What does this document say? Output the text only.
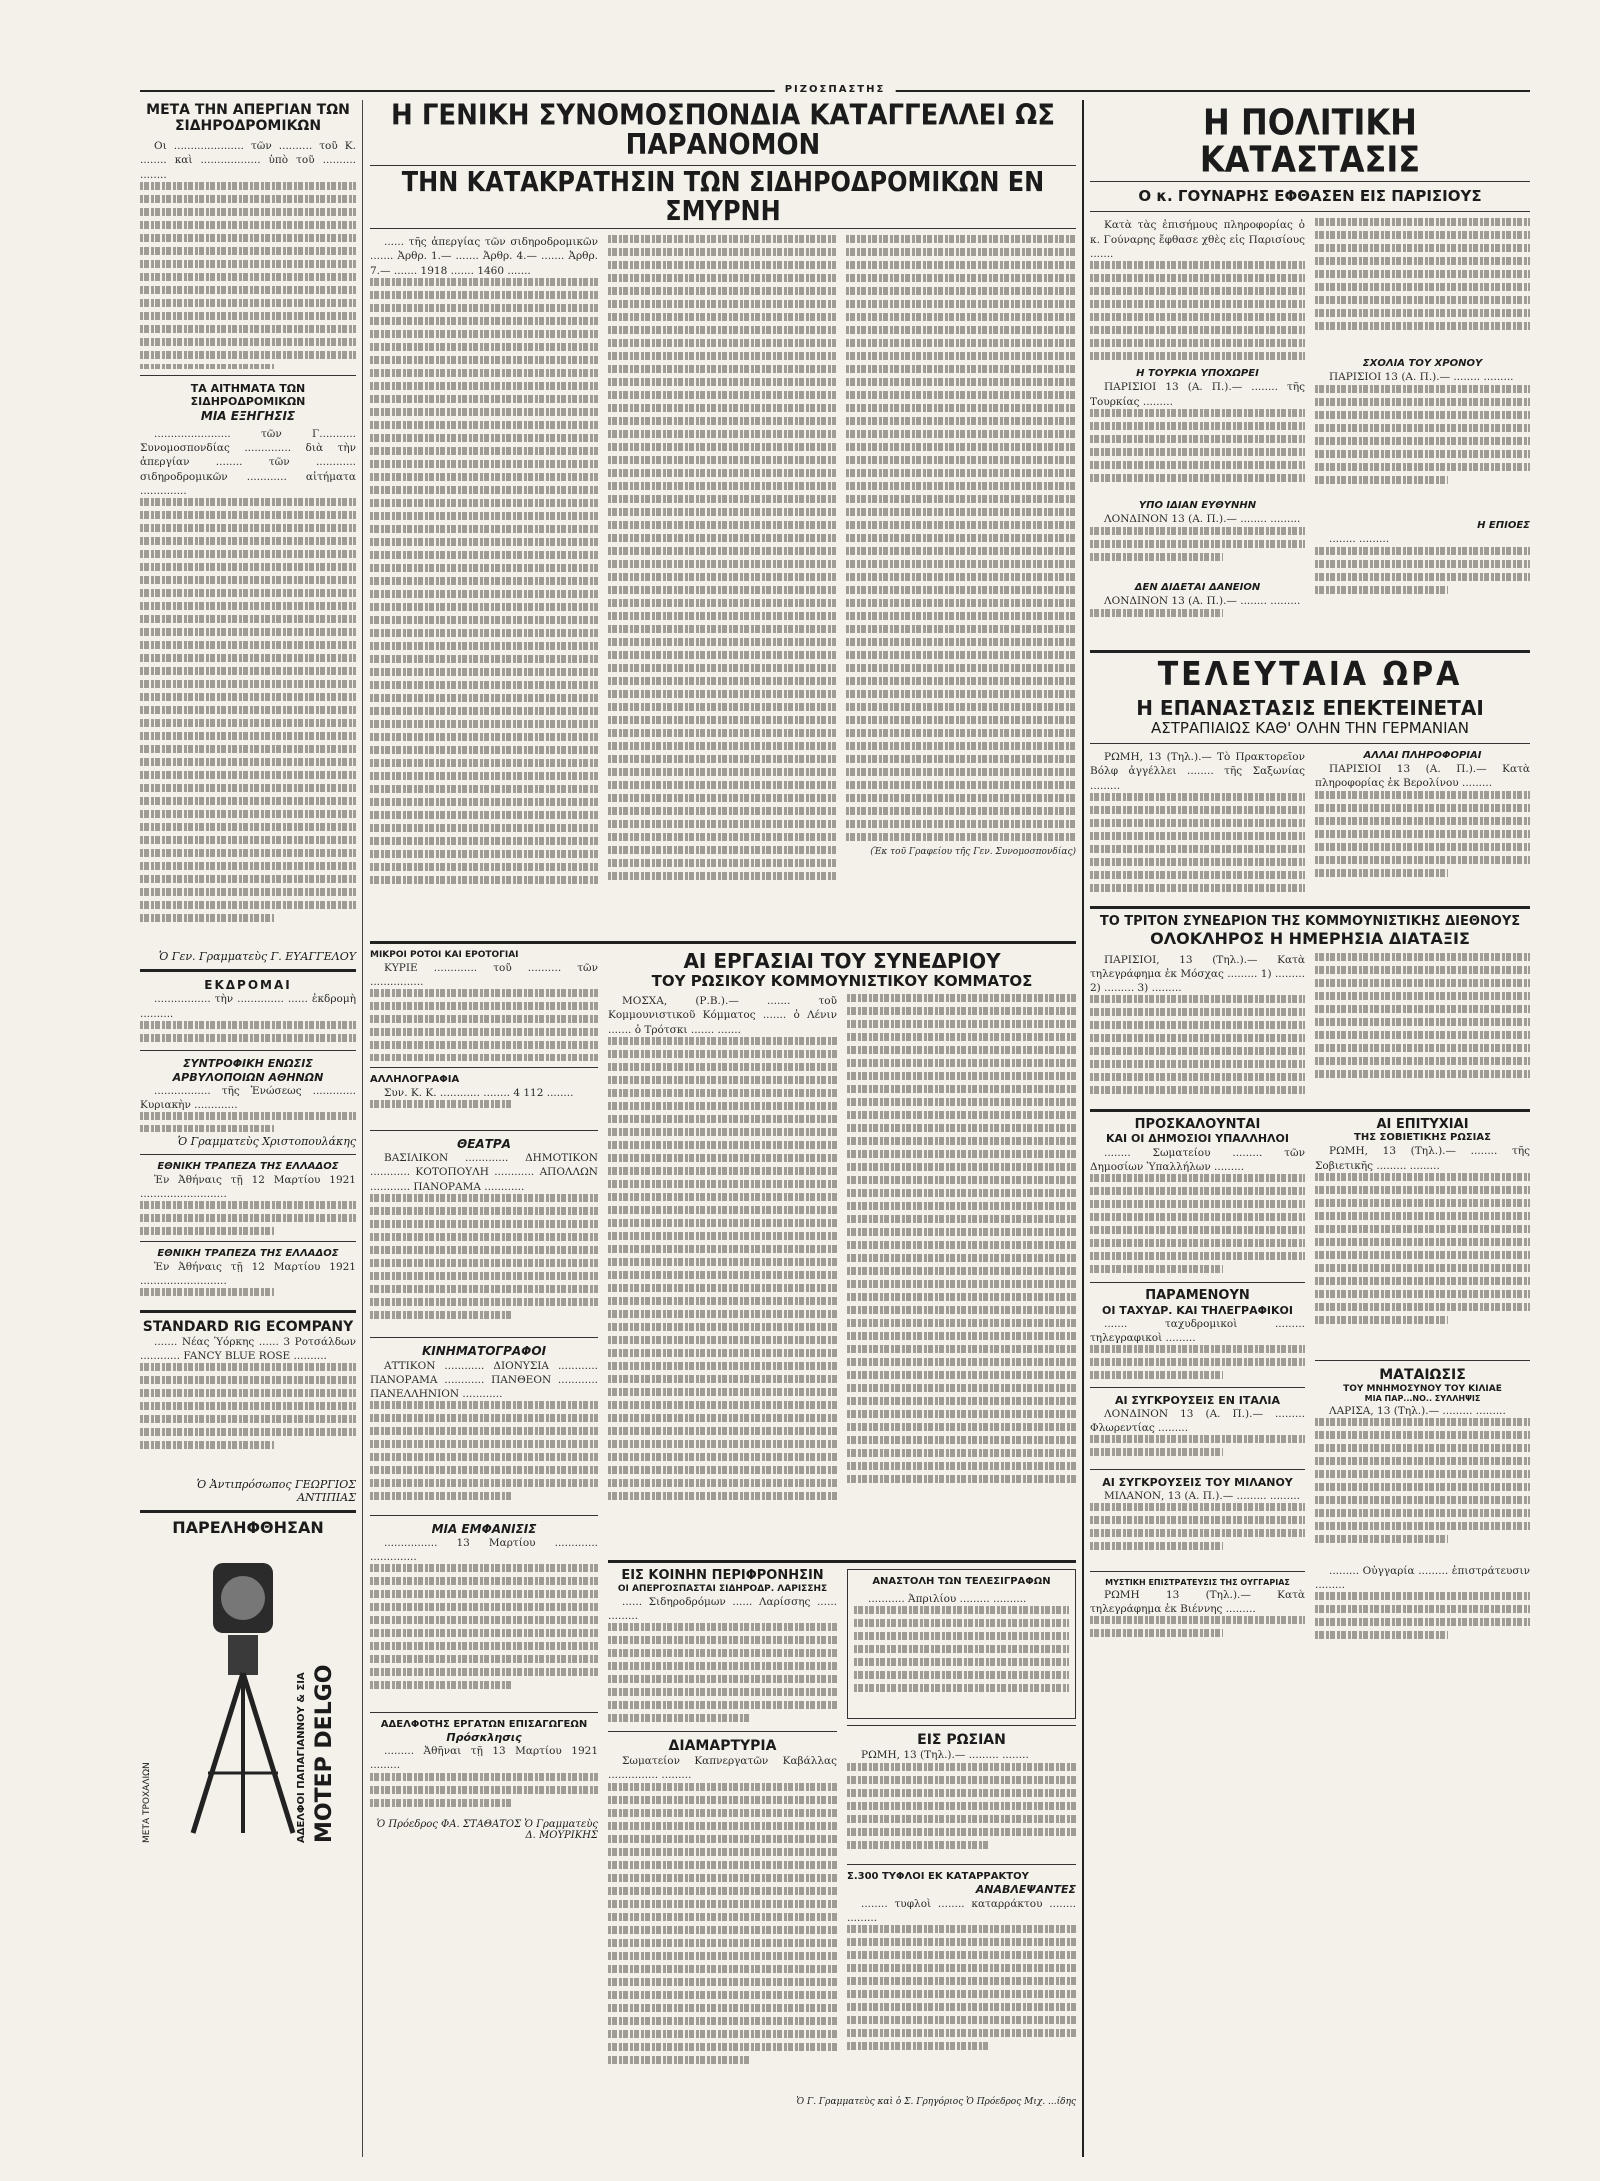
ΡΙΖΟΣΠΑΣΤΗΣ
ΜΕΤΑ ΤΗΝ ΑΠΕΡΓΙΑΝ ΤΩΝ ΣΙΔΗΡΟΔΡΟΜΙΚΩΝ

Οι ..................... τῶν .......... τοῦ Κ. ........ καὶ .................. ὑπὸ τοῦ .......... ........

ΤΑ ΑΙΤΗΜΑΤΑ ΤΩΝ ΣΙΔΗΡΟΔΡΟΜΙΚΩΝ
ΜΙΑ ΕΞΗΓΗΣΙΣ

....................... τῶν Γ........... Συνομοσπονδίας .............. διὰ τὴν ἀπεργίαν ........ τῶν ............ σιδηροδρομικῶν ............ αἰτήματα ..............

Ὁ Γεν. Γραμματεὺς Γ. ΕΥΑΓΓΕΛΟΥ
ΕΚΔΡΟΜΑΙ

................. τὴν .............. ...... ἐκδρομὴ ..........

ΣΥΝΤΡΟΦΙΚΗ ΕΝΩΣΙΣ ΑΡΒΥΛΟΠΟΙΩΝ ΑΘΗΝΩΝ

................. τῆς Ἑνώσεως ............. Κυριακὴν .............

Ὁ Γραμματεὺς Χριστοπουλάκης
ΕΘΝΙΚΗ ΤΡΑΠΕΖΑ ΤΗΣ ΕΛΛΑΔΟΣ

Ἐν Ἀθήναις τῇ 12 Μαρτίου 1921 ..........................

ΕΘΝΙΚΗ ΤΡΑΠΕΖΑ ΤΗΣ ΕΛΛΑΔΟΣ

Ἐν Ἀθήναις τῇ 12 Μαρτίου 1921 ..........................

STANDARD RIG ECOMPANY

....... Νέας Ὑόρκης ...... 3 Ροτσάλδων ............ FANCY BLUE ROSE ..........

Ὁ Ἀντιπρόσωπος ΓΕΩΡΓΙΟΣ ΑΝΤΙΠΙΑΣ
ΠΑΡΕΛΗΦΘΗΣΑΝ
MOTEP DELGO
ΑΔΕΛΦΟΙ ΠΑΠΑΓΙΑΝΝΟΥ & ΣΙΑ
ΜΕΤΑ ΤΡΟΧΑΛΙΩΝ
Η ΓΕΝΙΚΗ ΣΥΝΟΜΟΣΠΟΝΔΙΑ ΚΑΤΑΓΓΕΛΛΕΙ ΩΣ ΠΑΡΑΝΟΜΟΝ
ΤΗΝ ΚΑΤΑΚΡΑΤΗΣΙΝ ΤΩΝ ΣΙΔΗΡΟΔΡΟΜΙΚΩΝ ΕΝ ΣΜΥΡΝΗ

...... τῆς ἀπεργίας τῶν σιδηροδρομικῶν ....... Ἀρθρ. 1.— ....... Ἀρθρ. 4.— ....... Ἀρθρ. 7.— ....... 1918 ....... 1460 .......

(Ἐκ τοῦ Γραφείου τῆς Γεν. Συνομοσπονδίας)
ΜΙΚΡΟΙ ΡΟΤΟΙ ΚΑΙ ΕΡΟΤΟΓΙΑΙ

ΚΥΡΙΕ ............. τοῦ .......... τῶν ................

ΑΛΛΗΛΟΓΡΑΦΙΑ

Συν. Κ. Κ. ............ ........ 4 112 ........

ΘΕΑΤΡΑ

ΒΑΣΙΛΙΚΟΝ ............. ΔΗΜΟΤΙΚΟΝ ............ ΚΟΤΟΠΟΥΛΗ ............ ΑΠΟΛΛΩΝ ............ ΠΑΝΟΡΑΜΑ ............

ΚΙΝΗΜΑΤΟΓΡΑΦΟΙ

ΑΤΤΙΚΟΝ ............ ΔΙΟΝΥΣΙΑ ............ ΠΑΝΟΡΑΜΑ ............ ΠΑΝΘΕΟΝ ............ ΠΑΝΕΛΛΗΝΙΟΝ ............

ΜΙΑ ΕΜΦΑΝΙΣΙΣ

................ 13 Μαρτίου ............. ..............

ΑΔΕΛΦΟΤΗΣ ΕΡΓΑΤΩΝ ΕΠΙΣΑΓΩΓΕΩΝ
Πρόσκλησις

......... Ἀθῆναι τῇ 13 Μαρτίου 1921 .........

Ὁ Πρόεδρος ΦΑ. ΣΤΑΘΑΤΟΣ Ὁ Γραμματεὺς Δ. ΜΟΥΡΙΚΗΣ
ΑΙ ΕΡΓΑΣΙΑΙ ΤΟΥ ΣΥΝΕΔΡΙΟΥ
ΤΟΥ ΡΩΣΙΚΟΥ ΚΟΜΜΟΥΝΙΣΤΙΚΟΥ ΚΟΜΜΑΤΟΣ

ΜΟΣΧΑ, (Ρ.Β.).— ....... τοῦ Κομμουνιστικοῦ Κόμματος ....... ὁ Λένιν ....... ὁ Τρότσκι ....... .......

ΕΙΣ ΚΟΙΝΗΝ ΠΕΡΙΦΡΟΝΗΣΙΝ
ΟΙ ΑΠΕΡΓΟΣΠΑΣΤΑΙ ΣΙΔΗΡΟΔΡ. ΛΑΡΙΣΣΗΣ

...... Σιδηροδρόμων ...... Λαρίσσης ...... .........

ΔΙΑΜΑΡΤΥΡΙΑ

Σωματείον Καπνεργατῶν Καβάλλας ............... .........

ΑΝΑΣΤΟΛΗ ΤΩΝ ΤΕΛΕΣΙΓΡΑΦΩΝ

........... Ἀπριλίου ......... ..........

ΕΙΣ ΡΩΣΙΑΝ

ΡΩΜΗ, 13 (Τηλ.).— ......... ........

Σ.300 ΤΥΦΛΟΙ ΕΚ ΚΑΤΑΡΡΑΚΤΟΥ
ΑΝΑΒΛΕΨΑΝΤΕΣ

........ τυφλοὶ ........ καταρράκτου ........ .........

Ὁ Γ. Γραμματεὺς καὶ ὁ Σ. Γρηγόριος Ὁ Πρόεδρος Μιχ. ...ίδης
Η ΠΟΛΙΤΙΚΗ ΚΑΤΑΣΤΑΣΙΣ
Ο κ. ΓΟΥΝΑΡΗΣ ΕΦΘΑΣΕΝ ΕΙΣ ΠΑΡΙΣΙΟΥΣ

Κατὰ τὰς ἐπισήμους πληροφορίας ὁ κ. Γούναρης ἔφθασε χθὲς εἰς Παρισίους .......

Η ΤΟΥΡΚΙΑ ΥΠΟΧΩΡΕΙ

ΠΑΡΙΣΙΟΙ 13 (Α. Π.).— ........ τῆς Τουρκίας .........

ΥΠΟ ΙΔΙΑΝ ΕΥΘΥΝΗΝ

ΛΟΝΔΙΝΟΝ 13 (Α. Π.).— ........ .........

ΔΕΝ ΔΙΔΕΤΑΙ ΔΑΝΕΙΟΝ

ΛΟΝΔΙΝΟΝ 13 (Α. Π.).— ........ .........

ΣΧΟΛΙΑ ΤΟΥ ΧΡΟΝΟΥ

ΠΑΡΙΣΙΟΙ 13 (Α. Π.).— ........ .........

Η ΕΠΙΟΕΣ

........ .........

ΤΕΛΕΥΤΑΙΑ ΩΡΑ
Η ΕΠΑΝΑΣΤΑΣΙΣ ΕΠΕΚΤΕΙΝΕΤΑΙ
ΑΣΤΡΑΠΙΑΙΩΣ ΚΑΘ' ΟΛΗΝ ΤΗΝ ΓΕΡΜΑΝΙΑΝ

ΡΩΜΗ, 13 (Τηλ.).— Τὸ Πρακτορεῖον Βόλφ ἀγγέλλει ........ τῆς Σαξωνίας .........

ΑΛΛΑΙ ΠΛΗΡΟΦΟΡΙΑΙ

ΠΑΡΙΣΙΟΙ 13 (Α. Π.).— Κατὰ πληροφορίας ἐκ Βερολίνου .........

ΤΟ ΤΡΙΤΟΝ ΣΥΝΕΔΡΙΟΝ ΤΗΣ ΚΟΜΜΟΥΝΙΣΤΙΚΗΣ ΔΙΕΘΝΟΥΣ
ΟΛΟΚΛΗΡΟΣ Η ΗΜΕΡΗΣΙΑ ΔΙΑΤΑΞΙΣ

ΠΑΡΙΣΙΟΙ, 13 (Τηλ.).— Κατὰ τηλεγράφημα ἐκ Μόσχας ......... 1) ......... 2) ......... 3) .........

ΠΡΟΣΚΑΛΟΥΝΤΑΙ
ΚΑΙ ΟΙ ΔΗΜΟΣΙΟΙ ΥΠΑΛΛΗΛΟΙ

........ Σωματείου ......... τῶν Δημοσίων Ὑπαλλήλων .........

ΠΑΡΑΜΕΝΟΥΝ
ΟΙ ΤΑΧΥΔΡ. ΚΑΙ ΤΗΛΕΓΡΑΦΙΚΟΙ

....... ταχυδρομικοὶ ......... τηλεγραφικοὶ .........

ΑΙ ΣΥΓΚΡΟΥΣΕΙΣ ΕΝ ΙΤΑΛΙΑ

ΛΟΝΔΙΝΟΝ 13 (Α. Π.).— ......... Φλωρεντίας .........

ΑΙ ΣΥΓΚΡΟΥΣΕΙΣ ΤΟΥ ΜΙΛΑΝΟΥ

ΜΙΛΑΝΟΝ, 13 (Α. Π.).— ......... .........

ΜΥΣΤΙΚΗ ΕΠΙΣΤΡΑΤΕΥΣΙΣ ΤΗΣ ΟΥΓΓΑΡΙΑΣ

ΡΩΜΗ 13 (Τηλ.).— Κατὰ τηλεγράφημα ἐκ Βιέννης .........

ΑΙ ΕΠΙΤΥΧΙΑΙ
ΤΗΣ ΣΟΒΙΕΤΙΚΗΣ ΡΩΣΙΑΣ

ΡΩΜΗ, 13 (Τηλ.).— ........ τῆς Σοβιετικῆς ......... .........

ΜΑΤΑΙΩΣΙΣ
ΤΟΥ ΜΝΗΜΟΣΥΝΟΥ ΤΟΥ ΚΙΛΙΑΕ
ΜΙΑ ΠΑΡ...ΝΟ.. ΣΥΛΛΗΨΙΣ

ΛΑΡΙΣΑ, 13 (Τηλ.).— ......... .........

......... Οὐγγαρία ......... ἐπιστράτευσιν .........
